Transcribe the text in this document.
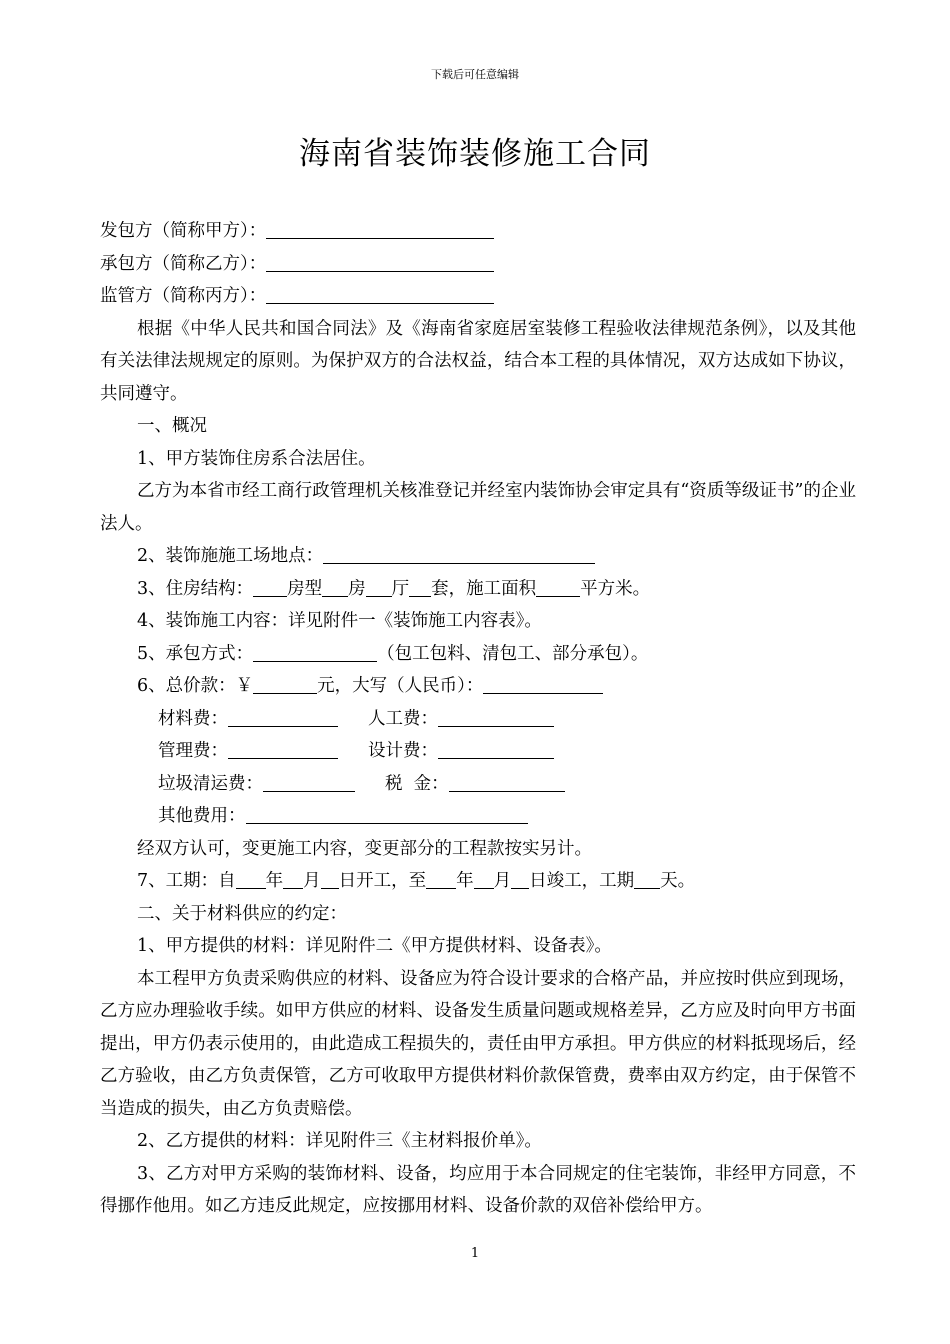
下载后可任意编辑
海南省装饰装修施工合同
发包方（简称甲方）：
承包方（简称乙方）：
监管方（简称丙方）：
根据《中华人民共和国合同法》及《海南省家庭居室装修工程验收法律规范条例》，以及其他有关法律法规规定的原则。为保护双方的合法权益，结合本工程的具体情况，双方达成如下协议，共同遵守。
一、概况
1、甲方装饰住房系合法居住。
乙方为本省市经工商行政管理机关核准登记并经室内装饰协会审定具有“资质等级证书”的企业法人。
2、装饰施施工场地点：
3、住房结构： 房型 房 厅 套，施工面积	平方米。
4、装饰施工内容：详见附件一《装饰施工内容表》。
5、承包方式：	（包工包料、清包工、部分承包）。
6、总价款：￥	元，大写（人民币）：
材料费：	人工费：
管理费：	设计费：
垃圾清运费：	税  金：
其他费用：
经双方认可，变更施工内容，变更部分的工程款按实另计。
7、工期：自 年 月 日开工，至 年 月 日竣工，工期 天。
二、关于材料供应的约定：
1、甲方提供的材料：详见附件二《甲方提供材料、设备表》。
本工程甲方负责采购供应的材料、设备应为符合设计要求的合格产品，并应按时供应到现场，乙方应办理验收手续。如甲方供应的材料、设备发生质量问题或规格差异，乙方应及时向甲方书面提出，甲方仍表示使用的，由此造成工程损失的，责任由甲方承担。甲方供应的材料抵现场后，经乙方验收，由乙方负责保管，乙方可收取甲方提供材料价款保管费，费率由双方约定，由于保管不当造成的损失，由乙方负责赔偿。
2、乙方提供的材料：详见附件三《主材料报价单》。
3、乙方对甲方采购的装饰材料、设备，均应用于本合同规定的住宅装饰，非经甲方同意，不得挪作他用。如乙方违反此规定，应按挪用材料、设备价款的双倍补偿给甲方。
1
